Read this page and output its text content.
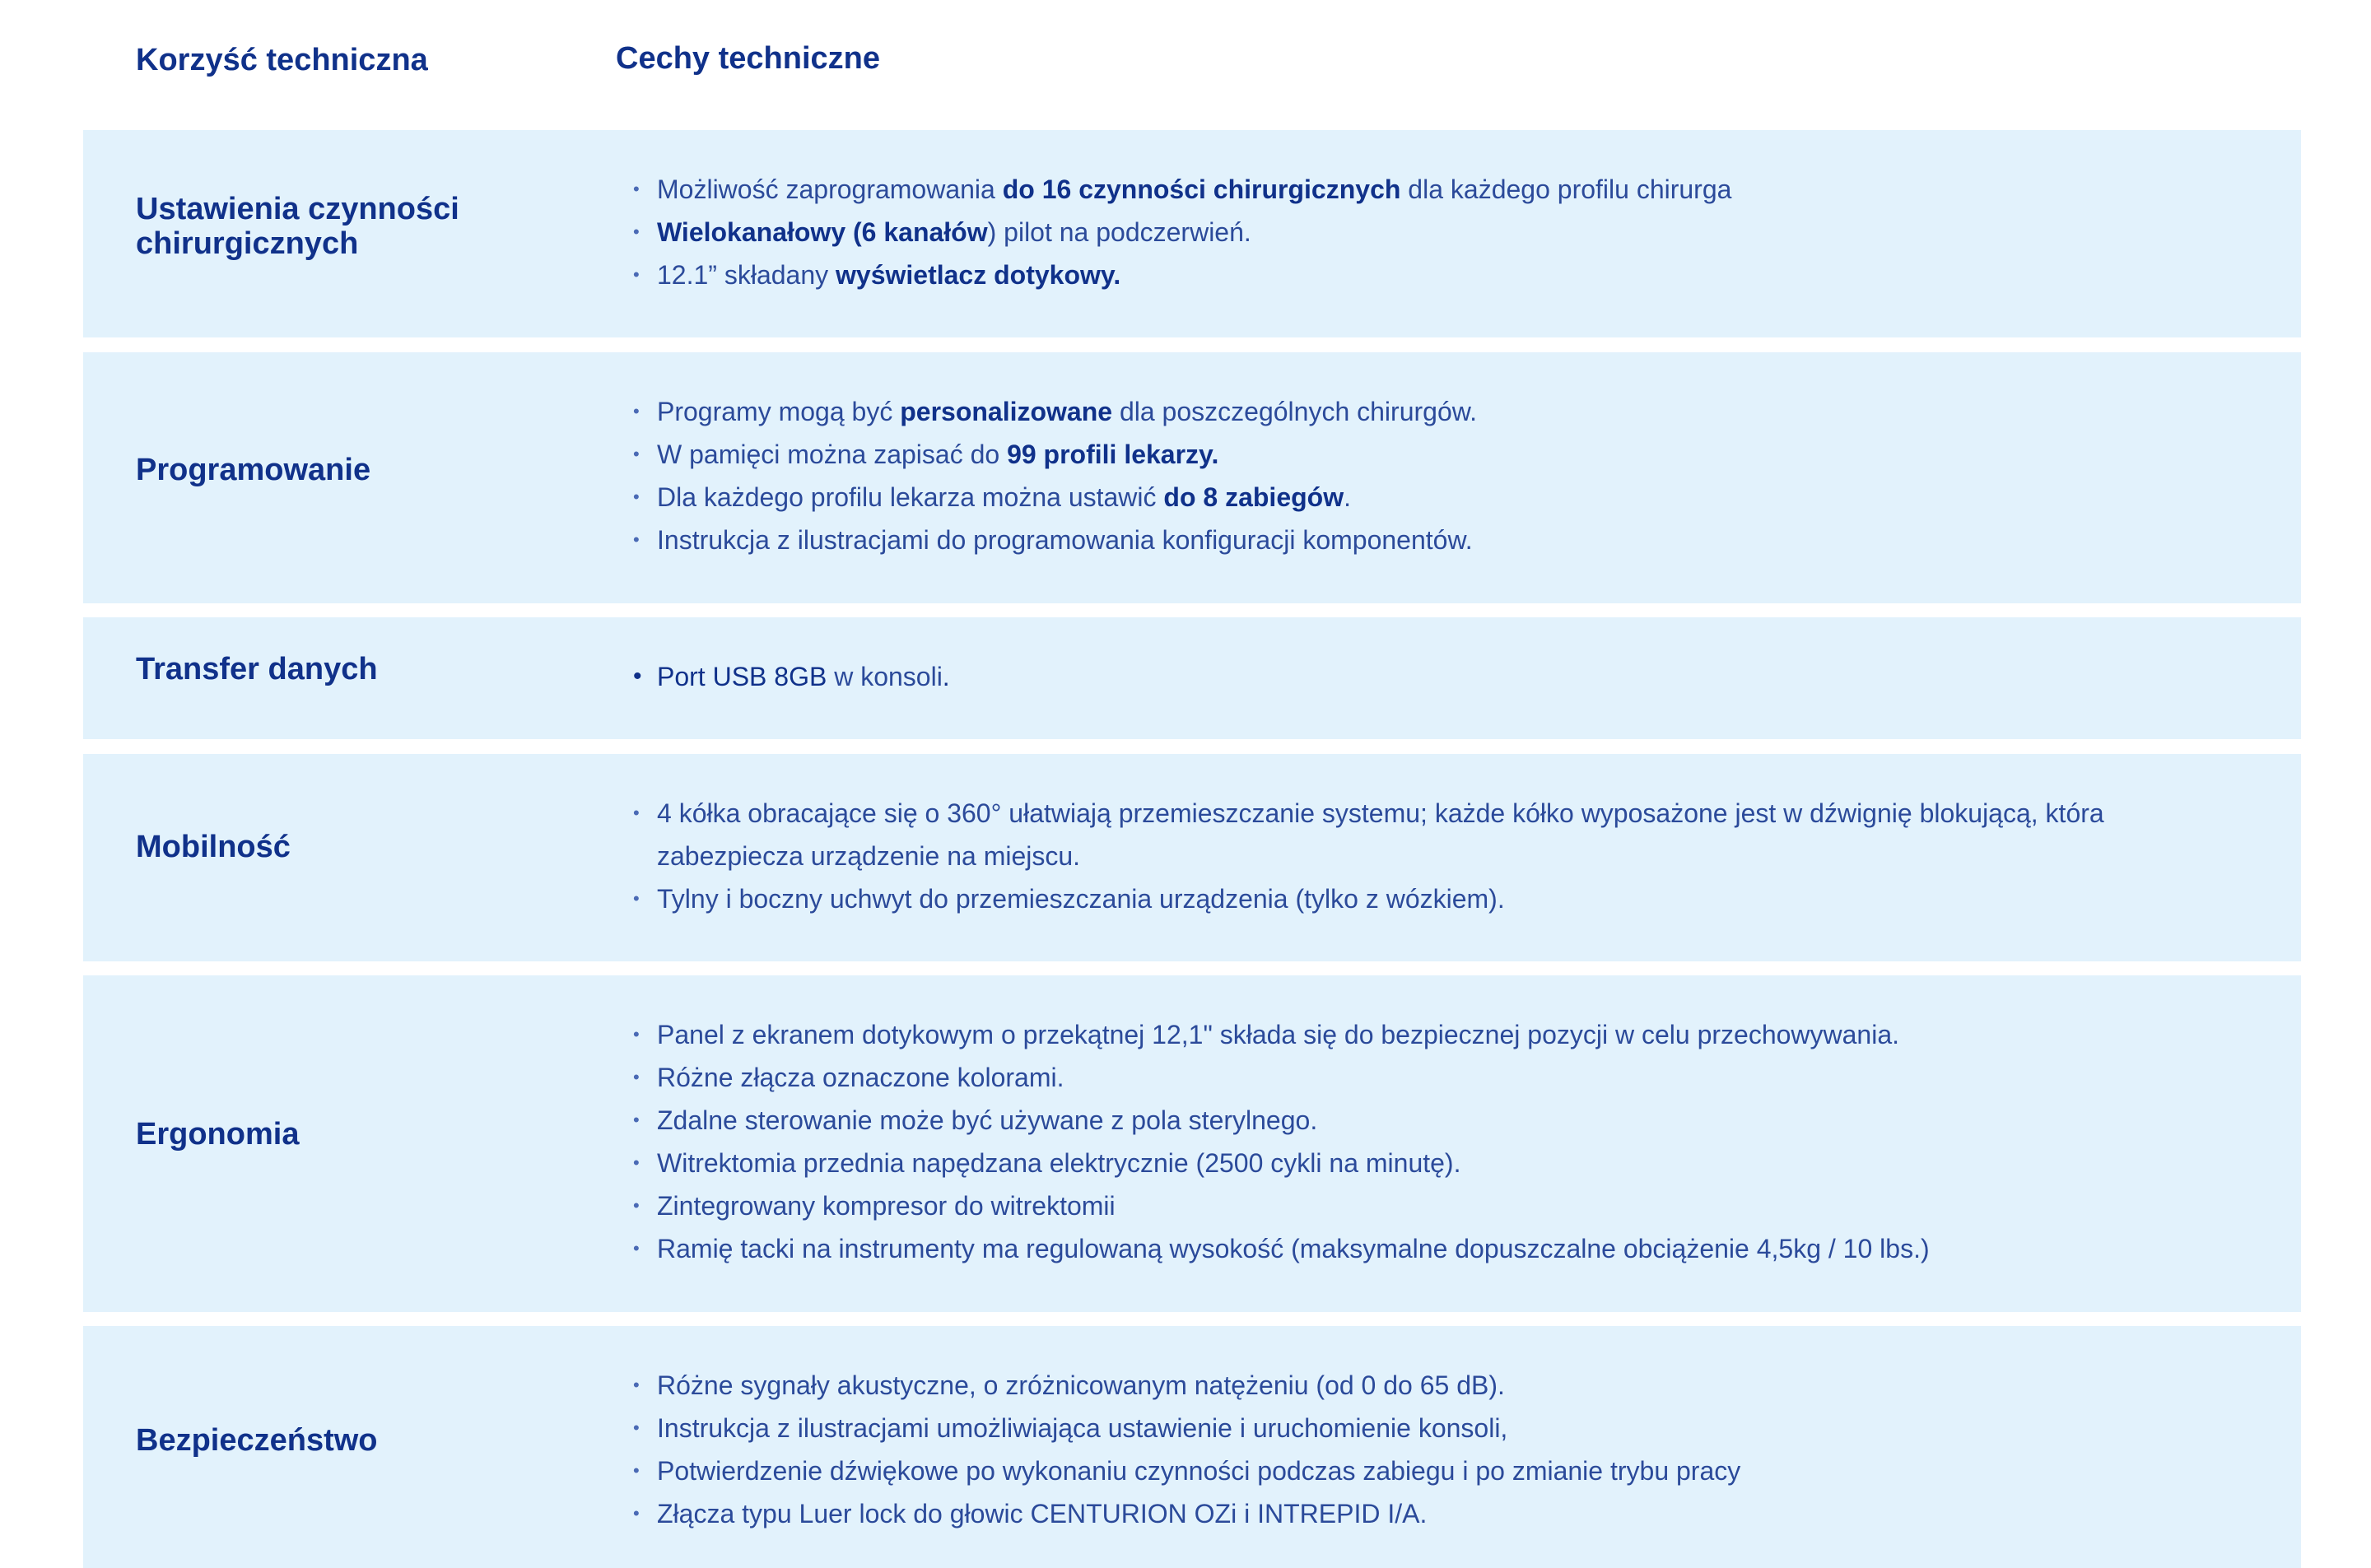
Korzyść techniczna	Cechy techniczne
Ustawienia czynności chirurgicznych
• Możliwość zaprogramowania do 16 czynności chirurgicznych dla każdego profilu chirurga
• Wielokanałowy (6 kanałów) pilot na podczerwień.
• 12.1” składany wyświetlacz dotykowy.
Programowanie
• Programy mogą być personalizowane dla poszczególnych chirurgów.
• W pamięci można zapisać do 99 profili lekarzy.
• Dla każdego profilu lekarza można ustawić do 8 zabiegów.
• Instrukcja z ilustracjami do programowania konfiguracji komponentów.
Transfer danych
•	Port USB 8GB w konsoli.
Mobilność
• 4 kółka obracające się o 360° ułatwiają przemieszczanie systemu; każde kółko wyposażone jest w dźwignię blokującą, która zabezpiecza urządzenie na miejscu.
• Tylny i boczny uchwyt do przemieszczania urządzenia (tylko z wózkiem).
Ergonomia
• Panel z ekranem dotykowym o przekątnej 12,1" składa się do bezpiecznej pozycji w celu przechowywania.
• Różne złącza oznaczone kolorami.
• Zdalne sterowanie może być używane z pola sterylnego.
• Witrektomia przednia napędzana elektrycznie (2500 cykli na minutę).
• Zintegrowany kompresor do witrektomii
• Ramię tacki na instrumenty ma regulowaną wysokość (maksymalne dopuszczalne obciążenie 4,5kg / 10 lbs.)
Bezpieczeństwo
• Różne sygnały akustyczne, o zróżnicowanym natężeniu (od 0 do 65 dB).
• Instrukcja z ilustracjami umożliwiająca ustawienie i uruchomienie konsoli,
• Potwierdzenie dźwiękowe po wykonaniu czynności podczas zabiegu i po zmianie trybu pracy
• Złącza typu Luer lock do głowic CENTURION OZi i INTREPID I/A.
